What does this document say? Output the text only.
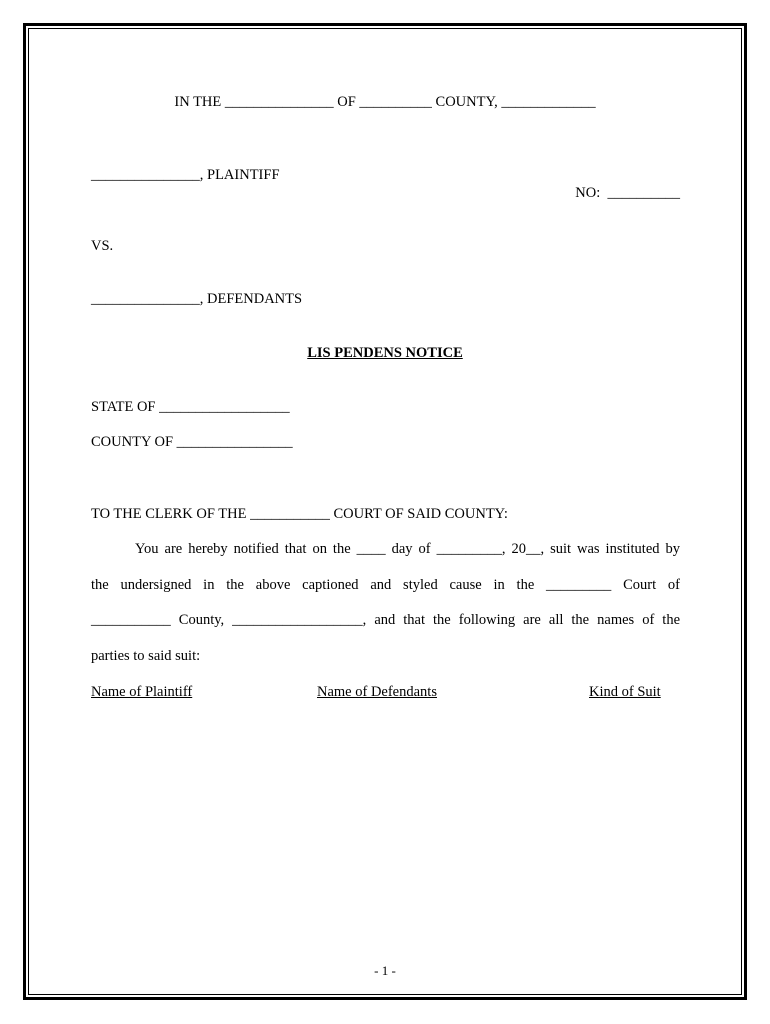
IN THE _______________ OF __________ COUNTY, _____________
_______________, PLAINTIFF
NO:  __________
VS.
_______________, DEFENDANTS
LIS PENDENS NOTICE
STATE OF __________________
COUNTY OF ________________
TO THE CLERK OF THE ___________ COURT OF SAID COUNTY:
You are hereby notified that on the ____ day of _________, 20__, suit was instituted by
the undersigned in the above captioned and styled cause in the _________ Court of
___________ County, __________________, and that the following are all the names of the
parties to said suit:
Name of Plaintiff	Name of Defendants	Kind of Suit
- 1 -
